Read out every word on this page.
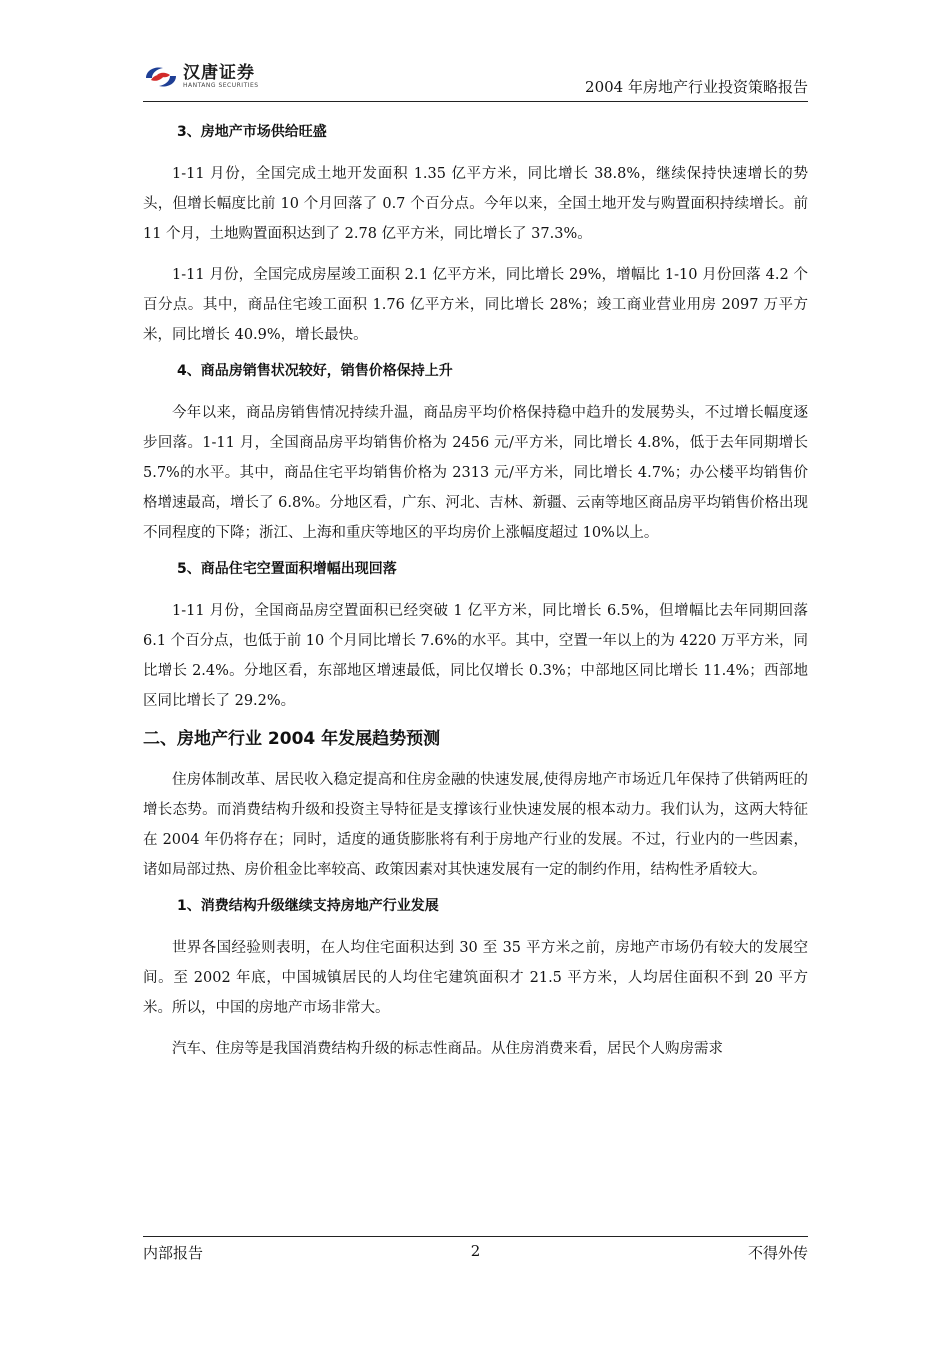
汉唐证券
HANTANG SECURITIES	2004 年房地产行业投资策略报告
3、房地产市场供给旺盛

1-11 月份，全国完成土地开发面积 1.35 亿平方米，同比增长 38.8%，继续保持快速增长的势头，但增长幅度比前 10 个月回落了 0.7 个百分点。今年以来，全国土地开发与购置面积持续增长。前 11 个月，土地购置面积达到了 2.78 亿平方米，同比增长了 37.3%。

1-11 月份，全国完成房屋竣工面积 2.1 亿平方米，同比增长 29%，增幅比 1-10 月份回落 4.2 个百分点。其中，商品住宅竣工面积 1.76 亿平方米，同比增长 28%；竣工商业营业用房 2097 万平方米，同比增长 40.9%，增长最快。

4、商品房销售状况较好，销售价格保持上升

今年以来，商品房销售情况持续升温，商品房平均价格保持稳中趋升的发展势头，不过增长幅度逐步回落。1-11 月，全国商品房平均销售价格为 2456 元/平方米，同比增长 4.8%，低于去年同期增长 5.7%的水平。其中，商品住宅平均销售价格为 2313 元/平方米，同比增长 4.7%；办公楼平均销售价格增速最高，增长了 6.8%。分地区看，广东、河北、吉林、新疆、云南等地区商品房平均销售价格出现不同程度的下降；浙江、上海和重庆等地区的平均房价上涨幅度超过 10%以上。

5、商品住宅空置面积增幅出现回落

1-11 月份，全国商品房空置面积已经突破 1 亿平方米，同比增长 6.5%，但增幅比去年同期回落 6.1 个百分点，也低于前 10 个月同比增长 7.6%的水平。其中，空置一年以上的为 4220 万平方米，同比增长 2.4%。分地区看，东部地区增速最低，同比仅增长 0.3%；中部地区同比增长 11.4%；西部地区同比增长了 29.2%。

二、房地产行业 2004 年发展趋势预测

住房体制改革、居民收入稳定提高和住房金融的快速发展,使得房地产市场近几年保持了供销两旺的增长态势。而消费结构升级和投资主导特征是支撑该行业快速发展的根本动力。我们认为，这两大特征在 2004 年仍将存在；同时，适度的通货膨胀将有利于房地产行业的发展。不过，行业内的一些因素，诸如局部过热、房价租金比率较高、政策因素对其快速发展有一定的制约作用，结构性矛盾较大。

1、消费结构升级继续支持房地产行业发展

世界各国经验则表明，在人均住宅面积达到 30 至 35 平方米之前，房地产市场仍有较大的发展空间。至 2002 年底，中国城镇居民的人均住宅建筑面积才 21.5 平方米，人均居住面积不到 20 平方米。所以，中国的房地产市场非常大。

汽车、住房等是我国消费结构升级的标志性商品。从住房消费来看，居民个人购房需求

内部报告	2	不得外传
